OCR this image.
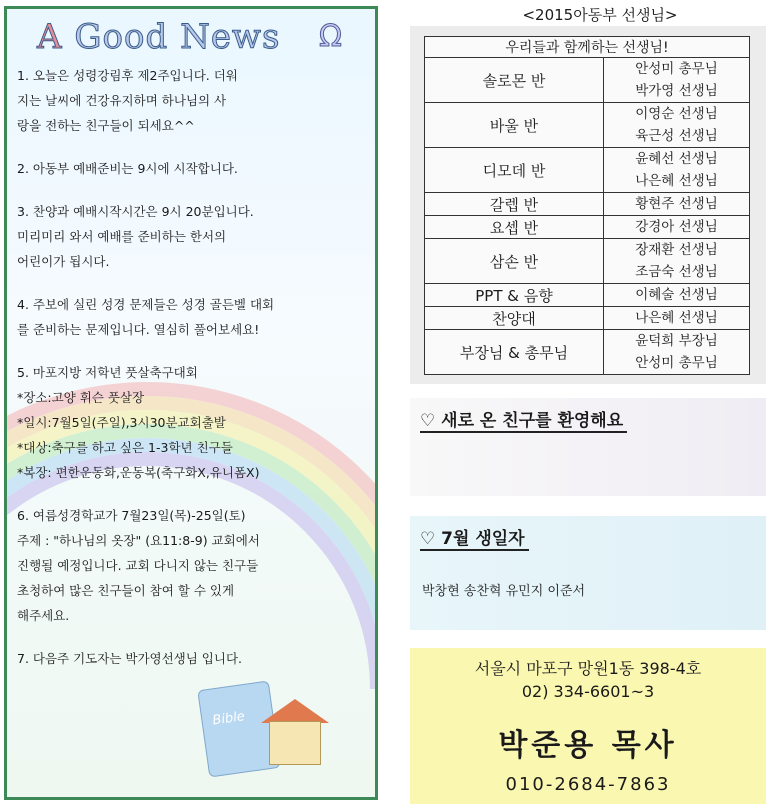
A Good News Ω
1. 오늘은 성령강림후 제2주입니다. 더워
지는 날씨에 건강유지하며 하나님의 사
랑을 전하는 친구들이 되세요^^
2. 아동부 예배준비는 9시에 시작합니다.
3. 찬양과 예배시작시간은 9시 20분입니다.
미리미리 와서 예배를 준비하는 한서의
어린이가 됩시다.
4. 주보에 실린 성경 문제들은 성경 골든벨 대회
를 준비하는 문제입니다. 열심히 풀어보세요!
5. 마포지방 저학년 풋살축구대회
*장소:고양 휘슨 풋살장
*일시:7월5일(주일),3시30분교회출발
*대상:축구를 하고 싶은 1-3학년 친구들
*복장: 편한운동화,운동복(축구화X,유니폼X)
6. 여름성경학교가 7월23일(목)-25일(토)
주제 : "하나님의 옷장" (요11:8-9) 교회에서
진행될 예정입니다. 교회 다니지 않는 친구들
초청하여 많은 친구들이 참여 할 수 있게
해주세요.
7. 다음주 기도자는 박가영선생님 입니다.
Bible
<2015아동부 선생님>
우리들과 함께하는 선생님!	
솔로몬 반	안성미 총무님
박가영 선생님

바울 반	이영순 선생님
육근성 선생님

디모데 반	윤혜선 선생님
나은혜 선생님

갈렙 반	황현주 선생님

요셉 반	강경아 선생님

삼손 반	장재환 선생님
조금숙 선생님

PPT & 음향	이혜술 선생님

찬양대	나은혜 선생님

부장님 & 총무님	윤덕희 부장님
안성미 총무님
♡ 새로 온 친구를 환영해요
♡ 7월 생일자
박창현 송찬혁 유민지 이준서
서울시 마포구 망원1동 398-4호
02) 334-6601~3
박준용 목사
010-2684-7863
